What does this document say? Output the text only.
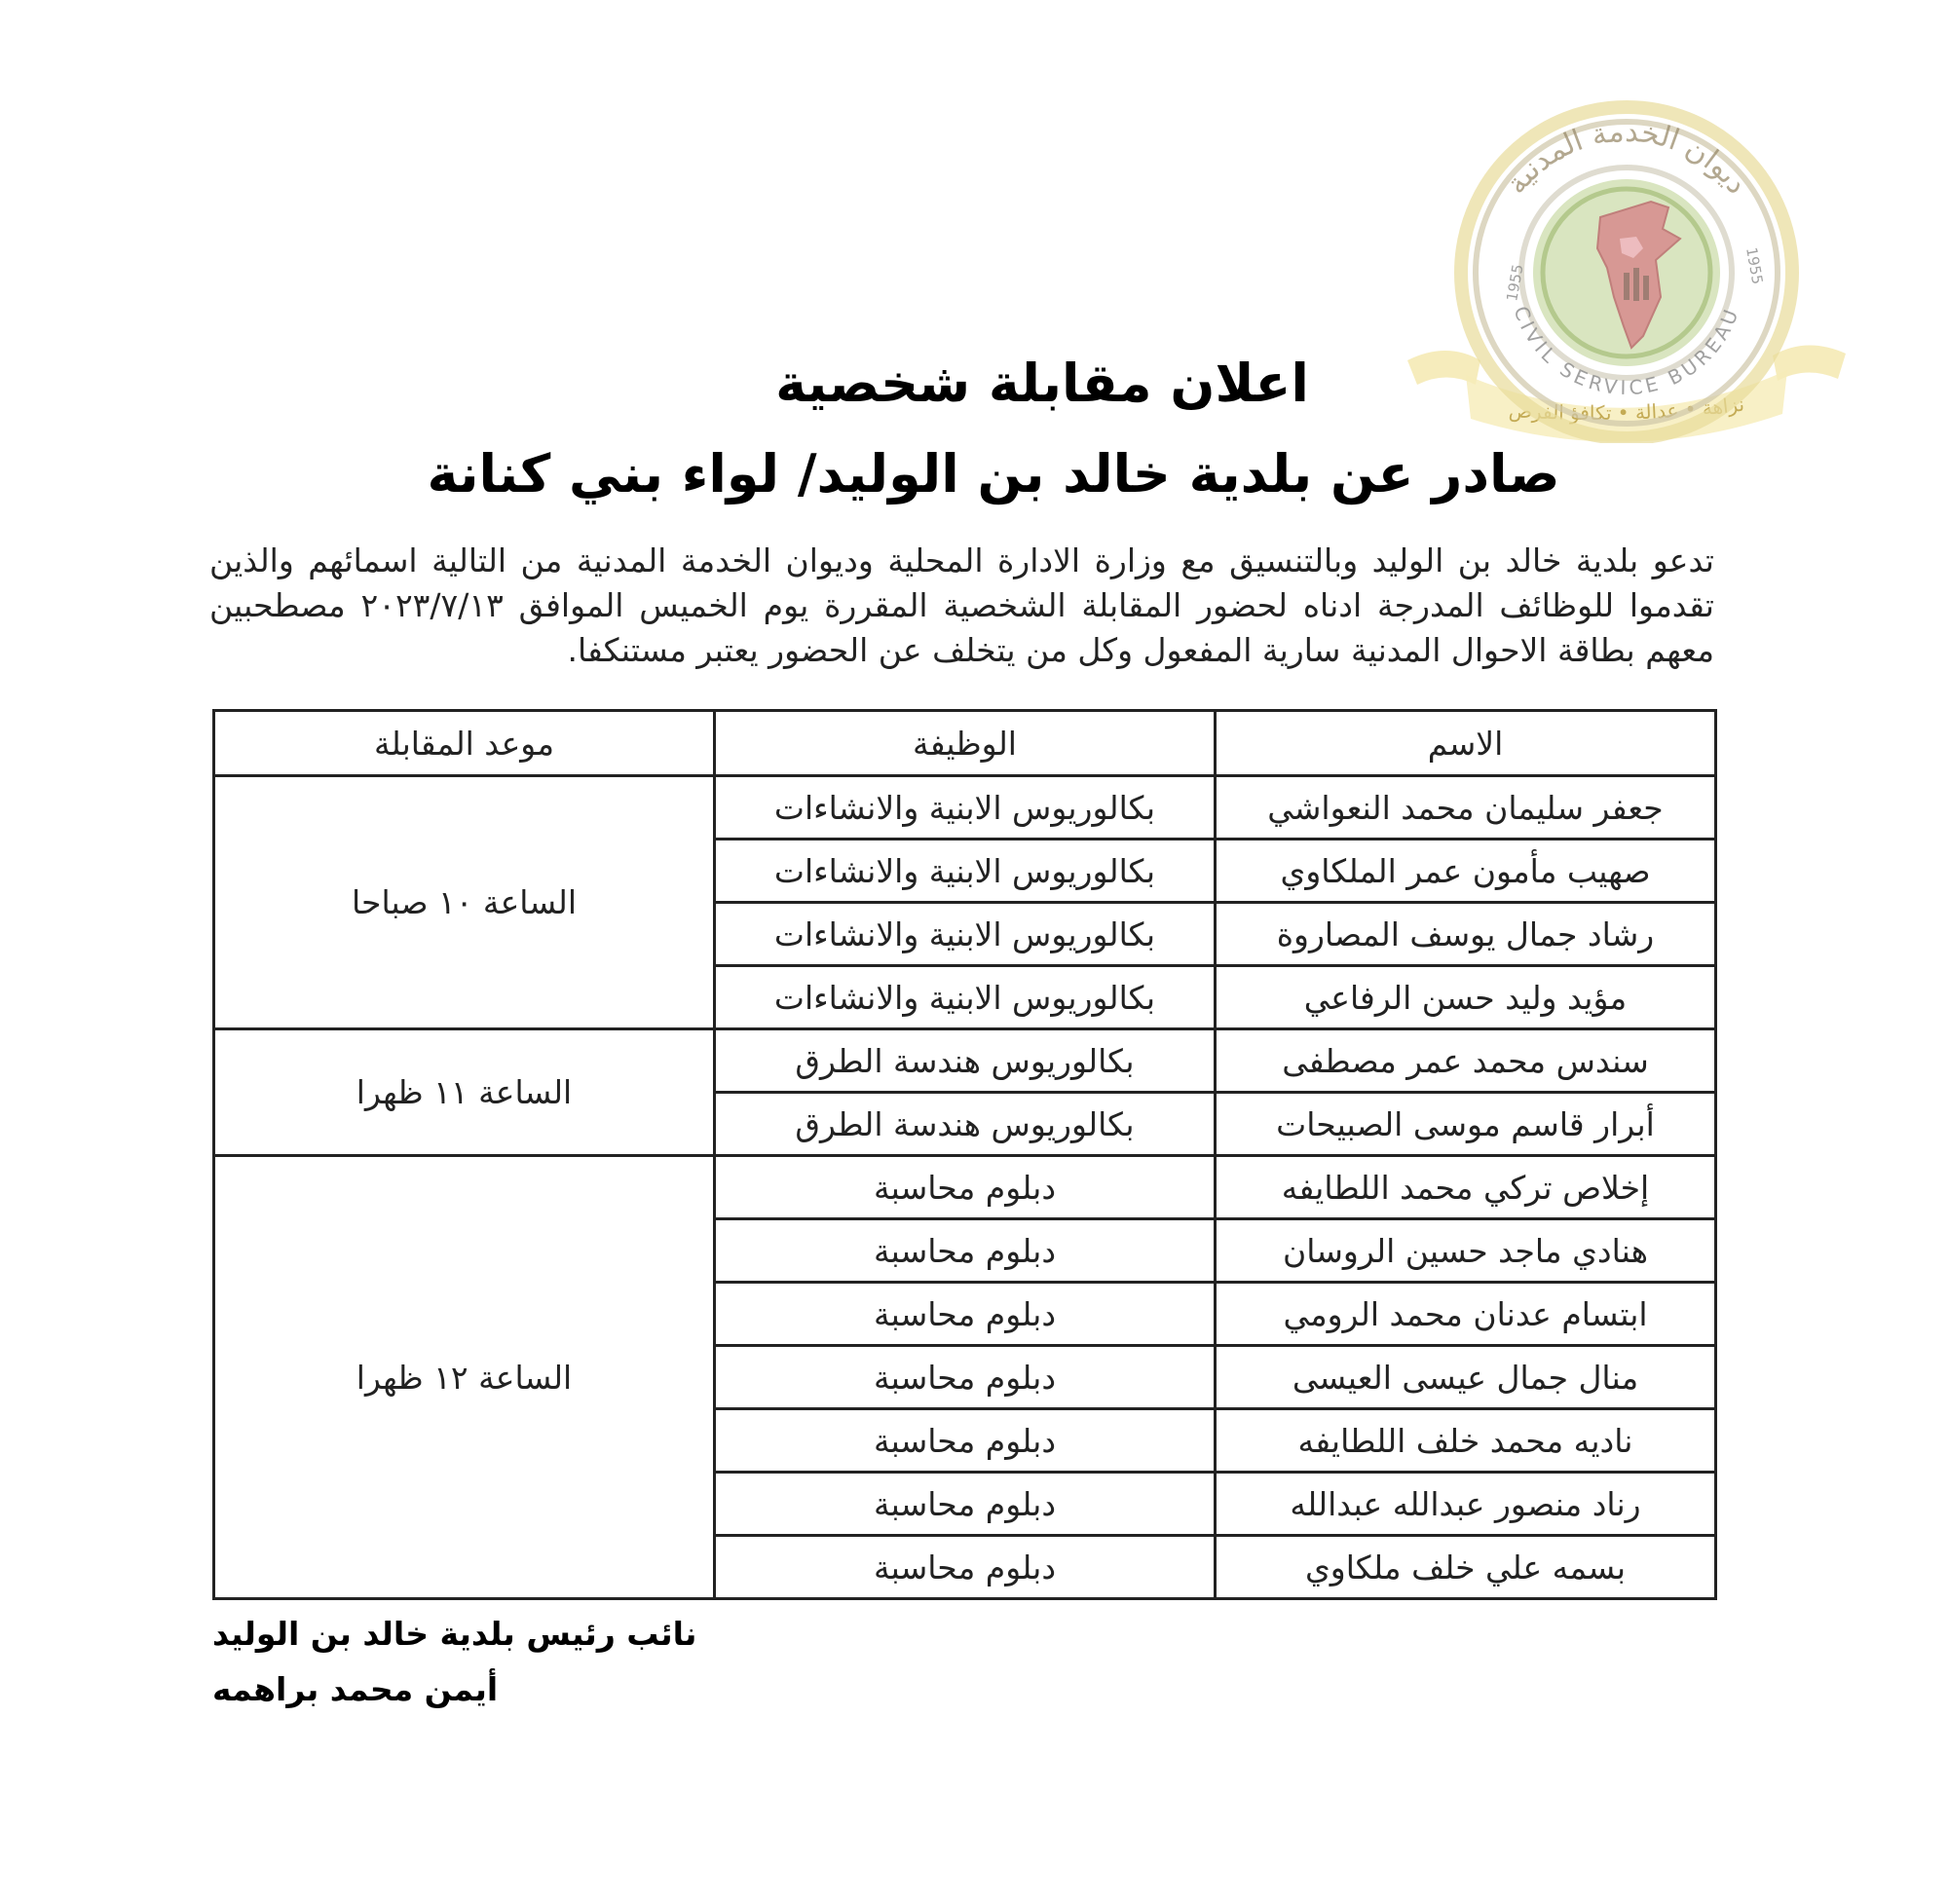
نزاهة • عدالة • تكافؤ الفرص
ديوان الخدمة المدنية
CIVIL SERVICE BUREAU
1955	1955
اعلان مقابلة شخصية
صادر عن بلدية خالد بن الوليد/ لواء بني كنانة

تدعو بلدية خالد بن الوليد وبالتنسيق مع وزارة الادارة المحلية وديوان الخدمة المدنية من التالية اسمائهم والذين تقدموا للوظائف المدرجة ادناه لحضور المقابلة الشخصية المقررة يوم الخميس الموافق ٢٠٢٣/٧/١٣ مصطحبين معهم بطاقة الاحوال المدنية سارية المفعول وكل من يتخلف عن الحضور يعتبر مستنكفا.

الاسم	الوظيفة	موعد المقابلة
جعفر سليمان محمد النعواشي	بكالوريوس الابنية والانشاءات	الساعة ١٠ صباحا
صهيب مأمون عمر الملكاوي	بكالوريوس الابنية والانشاءات	
رشاد جمال يوسف المصاروة	بكالوريوس الابنية والانشاءات	
مؤيد وليد حسن الرفاعي	بكالوريوس الابنية والانشاءات	
سندس محمد عمر مصطفى	بكالوريوس هندسة الطرق	الساعة ١١ ظهرا
أبرار قاسم موسى الصبيحات	بكالوريوس هندسة الطرق	
إخلاص تركي محمد اللطايفه	دبلوم محاسبة	الساعة ١٢ ظهرا
هنادي ماجد حسين الروسان	دبلوم محاسبة	
ابتسام عدنان محمد الرومي	دبلوم محاسبة	
منال جمال عيسى العيسى	دبلوم محاسبة	
ناديه محمد خلف اللطايفه	دبلوم محاسبة	
رناد منصور عبدالله عبدالله	دبلوم محاسبة	
بسمه علي خلف ملكاوي	دبلوم محاسبة	
نائب رئيس بلدية خالد بن الوليد
أيمن محمد براهمه
